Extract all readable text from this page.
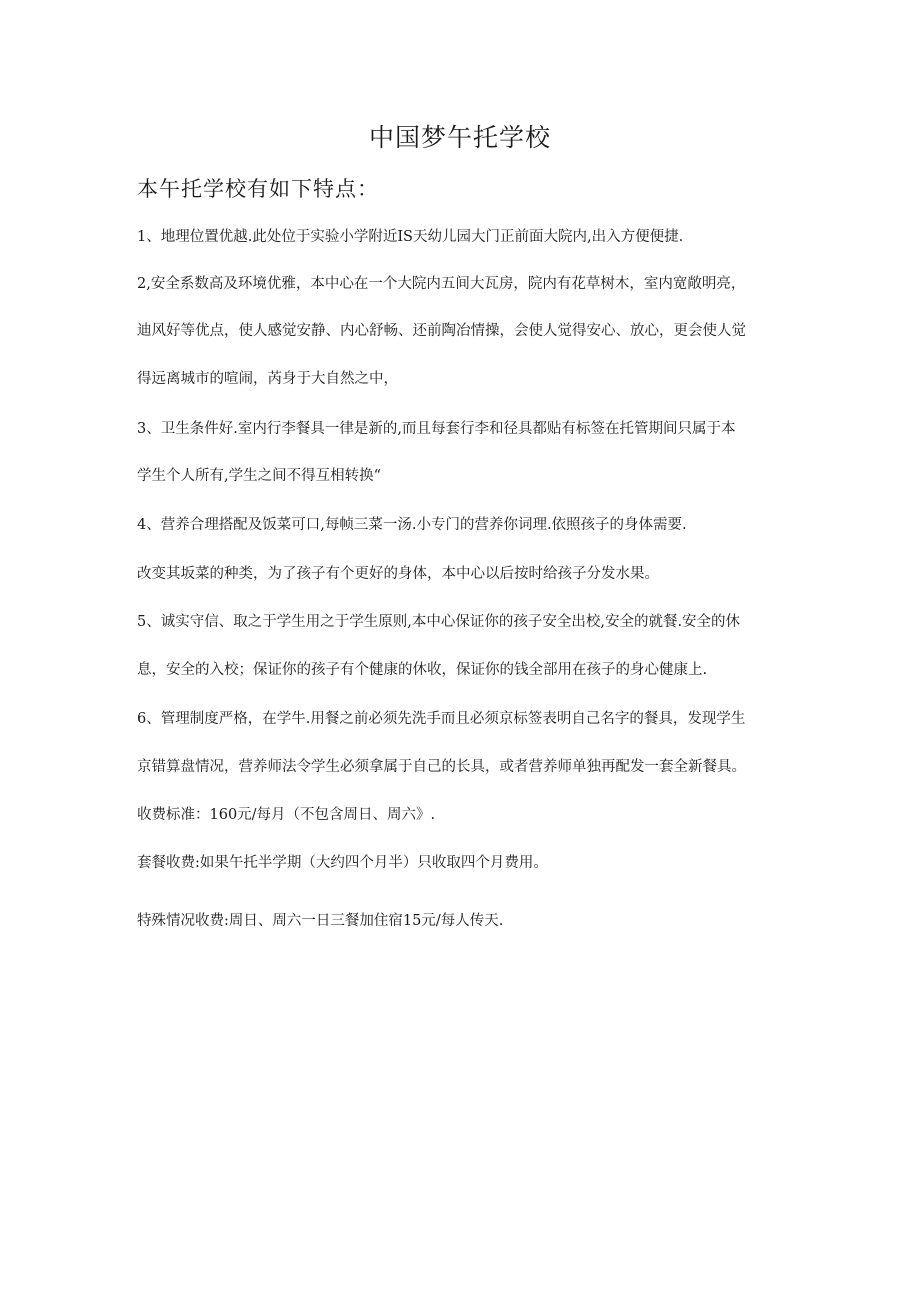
中国梦午托学校
本午托学校有如下特点：

1、地理位置优越.此处位于实验小学附近IS天幼儿园大门正前面大院内,出入方便便捷.

2,安全系数高及环境优雅，本中心在一个大院内五间大瓦房，院内有花草树木，室内宽敞明亮，

迪风好等优点，使人感觉安静、内心舒畅、还前陶冶情操，会使人觉得安心、放心，更会使人觉

得远离城市的喧闹，芮身于大自然之中，

3、卫生条件好.室内行李餐具一律是新的,而且每套行李和径具都贴有标签在托管期间只属于本

学生个人所有,学生之间不得互相转换“

4、营养合理搭配及饭菜可口,每帧三菜一汤.小专门的营养你词理.依照孩子的身体需要.

改变其坂菜的种类，为了孩子有个更好的身体，本中心以后按时给孩子分发水果。

5、诚实守信、取之于学生用之于学生原则,本中心保证你的孩子安全出校,安全的就餐.安全的休

息，安全的入校；保证你的孩子有个健康的休收，保证你的钱全部用在孩子的身心健康上.

6、管理制度严格，在学牛.用餐之前必须先洗手而且必须京标签表明自己名字的餐具，发现学生

京错算盘情况，营养师法令学生必须拿属于自己的长具，或者营养师单独再配发一套全新餐具。

收费标准：160元/每月（不包含周日、周六》.

套餐收费:如果午托半学期（大约四个月半）只收取四个月费用。

特殊情况收费:周日、周六一日三餐加住宿15元/每人传天.
